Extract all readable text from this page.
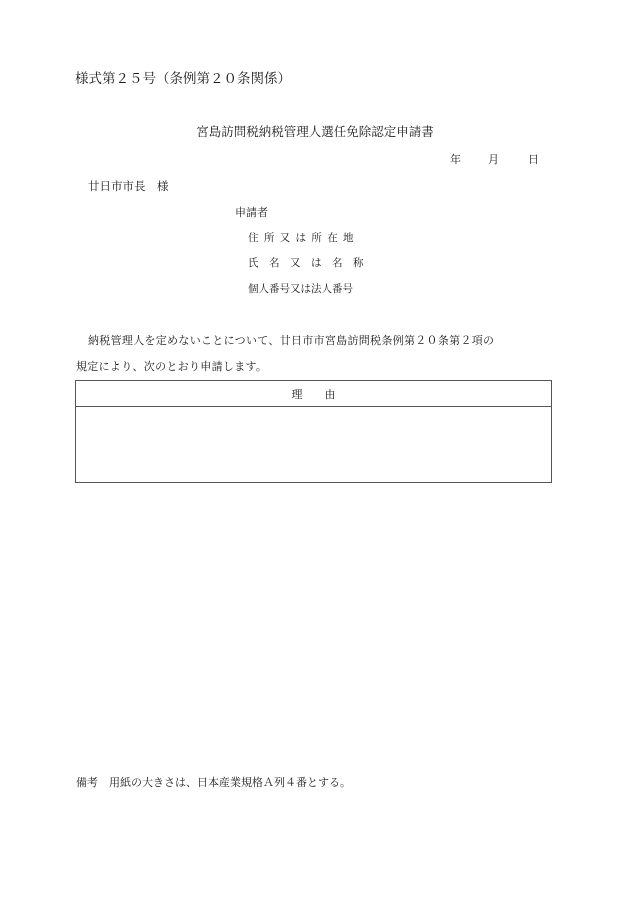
様式第２５号（条例第２０条関係）
宮島訪問税納税管理人選任免除認定申請書
年 月	日
廿日市市長　様
申請者
住 所 又 は 所 在 地
氏　名　又　は　名　称
個人番号又は法人番号
納税管理人を定めないことについて、廿日市市宮島訪問税条例第２０条第２項の
規定により、次のとおり申請します。
理由
備考　用紙の大きさは、日本産業規格Ａ列４番とする。
